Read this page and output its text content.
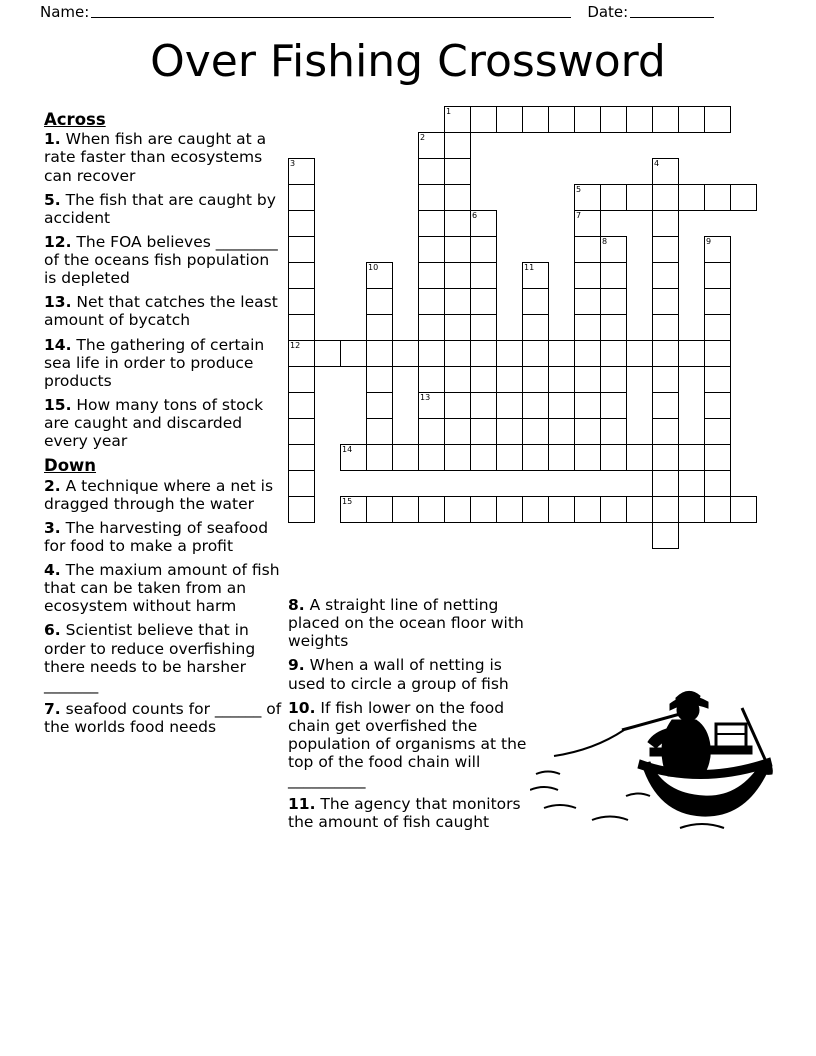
Name:	Date:
Over Fishing Crossword
Across
1. When fish are caught at a rate faster than ecosystems can recover
5. The fish that are caught by accident
12. The FOA believes ________ of the oceans fish population is depleted
13. Net that catches the least amount of bycatch
14. The gathering of certain sea life in order to produce products
15. How many tons of stock are caught and discarded every year
Down
2. A technique where a net is dragged through the water
3. The harvesting of seafood for food to make a profit
4. The maxium amount of fish that can be taken from an ecosystem without harm
6. Scientist believe that in order to reduce overfishing there needs to be harsher _______
7. seafood counts for ______ of the worlds food needs
8. A straight line of netting placed on the ocean floor with weights
9. When a wall of netting is used to circle a group of fish
10. If fish lower on the food chain get overfished the population of organisms at the top of the food chain will __________
11. The agency that monitors the amount of fish caught
1
2
3	4
5
6	7
8	9
10	11
12
13
14
15
